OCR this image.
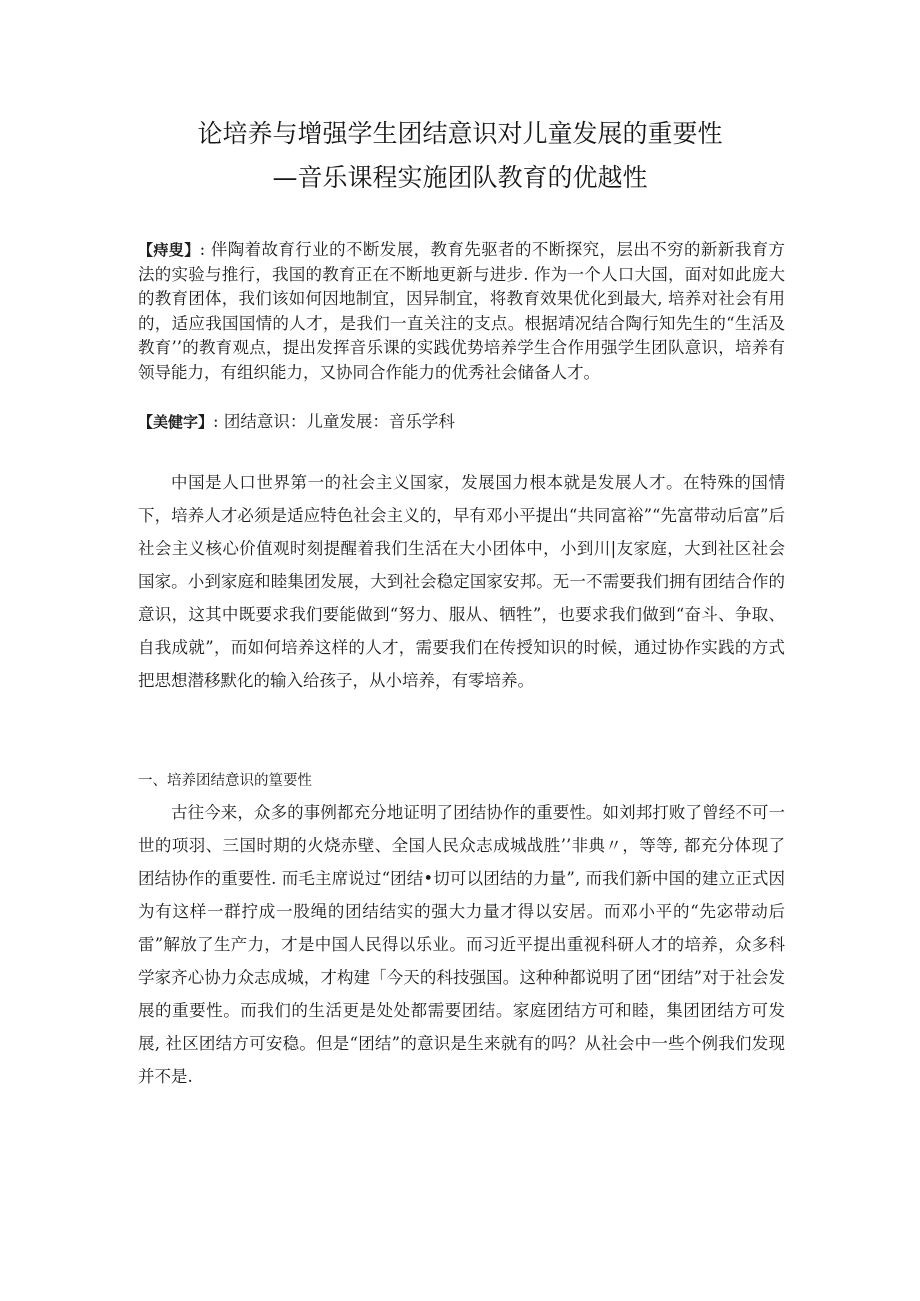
论培养与增强学生团结意识对儿童发展的重要性
—音乐课程实施团队教育的优越性
【痔叟】: 伴陶着故育行业的不断发展，教育先驱者的不断探究，层出不穷的新新我育方法的实验与推行，我国的教育正在不断地更新与进步. 作为一个人口大国，面对如此庞大的教育团体，我们该如何因地制宜，因异制宜，将教育效果优化到最大, 培养对社会有用的，适应我国国情的人才，是我们一直关注的支点。根据靖况结合陶行知先生的“生活及教育’’的教育观点，提出发挥音乐课的实践优势培养学生合作用强学生团队意识，培养有领导能力，有组织能力，又协同合作能力的优秀社会储备人才。
【美健字】: 团结意识：儿童发展：音乐学科
中国是人口世界第一的社会主义国家，发展国力根本就是发展人才。在特殊的国情下，培养人才必须是适应特色社会主义的，早有邓小平提出“共同富裕”“先富带动后富”后社会主义核心价值观时刻提醒着我们生活在大小团体中，小到川|友家庭，大到社区社会国家。小到家庭和睦集团发展，大到社会稳定国家安邦。无一不需要我们拥有团结合作的意识，这其中既要求我们要能做到“努力、服从、牺牲”，也要求我们做到“奋斗、争取、自我成就”，而如何培养这样的人才，需要我们在传授知识的时候，通过协作实践的方式把思想潜移默化的输入给孩子，从小培养，有零培养。
一、培养团结意识的篁要性
古往今来，众多的事例都充分地证明了团结协作的重要性。如刘邦打败了曾经不可一世的项羽、三国时期的火烧赤壁、全国人民众志成城战胜’’非典〃，等等, 都充分体现了团结协作的重要性. 而毛主席说过“团结•切可以团结的力量”, 而我们新中国的建立正式因为有这样一群拧成一股绳的团结结实的强大力量才得以安居。而邓小平的“先宓带动后雷”解放了生产力，才是中国人民得以乐业。而习近平提出重视科研人才的培养，众多科学家齐心协力众志成城，才构建「今天的科技强国。这种种都说明了团“团结”对于社会发展的重要性。而我们的生活更是处处都需要团结。家庭团结方可和睦，集团团结方可发展, 社区团结方可安稳。但是“团结”的意识是生来就有的吗？从社会中一些个例我们发现并不是.
